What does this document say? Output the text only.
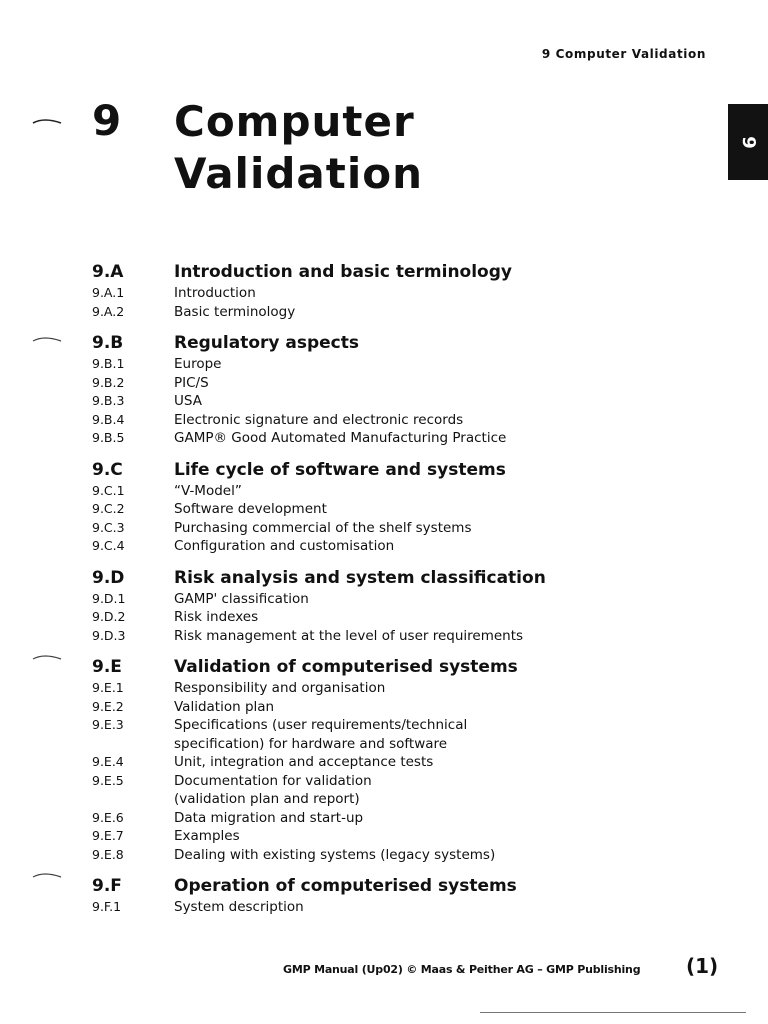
9 Computer Validation
9
9 Computer
Validation
9.A	Introduction and basic terminology
9.A.1	Introduction
9.A.2	Basic terminology
9.B	Regulatory aspects
9.B.1	Europe
9.B.2	PIC/S
9.B.3	USA
9.B.4	Electronic signature and electronic records
9.B.5	GAMP® Good Automated Manufacturing Practice
9.C	Life cycle of software and systems
9.C.1	“V-Model”
9.C.2	Software development
9.C.3	Purchasing commercial of the shelf systems
9.C.4	Configuration and customisation
9.D	Risk analysis and system classification
9.D.1	GAMP' classification
9.D.2	Risk indexes
9.D.3	Risk management at the level of user requirements
9.E	Validation of computerised systems
9.E.1	Responsibility and organisation
9.E.2	Validation plan
9.E.3	Specifications (user requirements/technical
specification) for hardware and software
9.E.4	Unit, integration and acceptance tests
9.E.5	Documentation for validation
(validation plan and report)
9.E.6	Data migration and start-up
9.E.7	Examples
9.E.8	Dealing with existing systems (legacy systems)
9.F	Operation of computerised systems
9.F.1	System description
GMP Manual (Up02) © Maas & Peither AG – GMP Publishing (1)
